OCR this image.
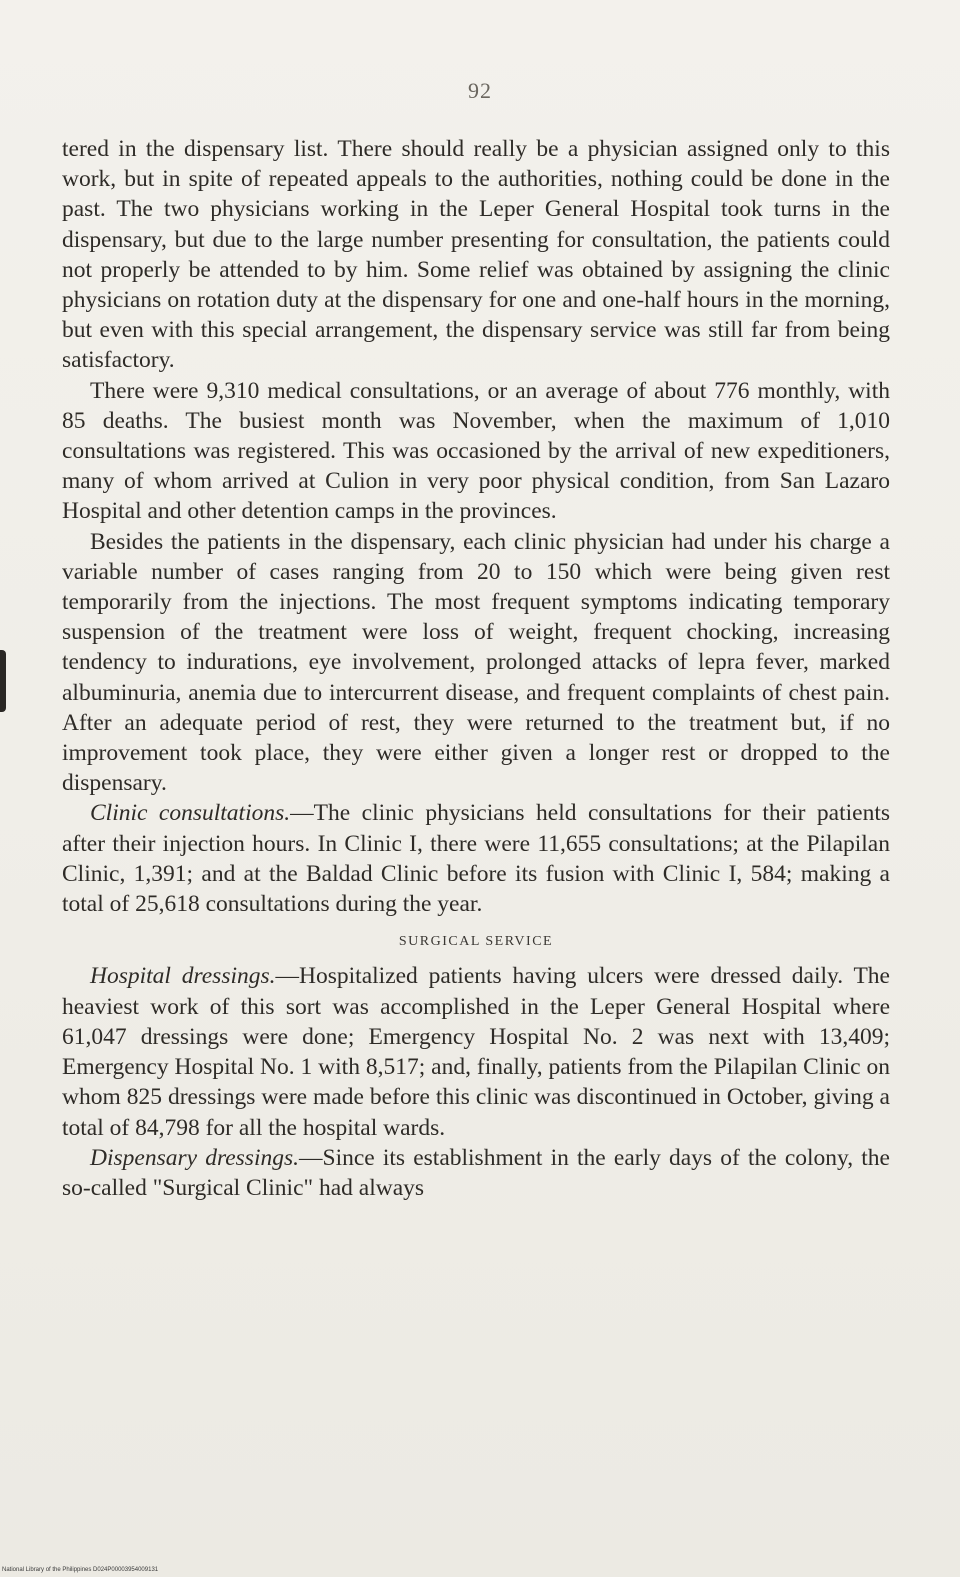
92

tered in the dispensary list. There should really be a physician assigned only to this work, but in spite of repeated appeals to the authorities, nothing could be done in the past. The two physicians working in the Leper General Hospital took turns in the dispensary, but due to the large number presenting for consultation, the patients could not properly be attended to by him. Some relief was obtained by assigning the clinic physicians on rotation duty at the dispensary for one and one-half hours in the morning, but even with this special arrangement, the dispensary service was still far from being satisfactory.

There were 9,310 medical consultations, or an average of about 776 monthly, with 85 deaths. The busiest month was November, when the maximum of 1,010 consultations was registered. This was occasioned by the arrival of new expeditioners, many of whom arrived at Culion in very poor physical condition, from San Lazaro Hospital and other detention camps in the provinces.

Besides the patients in the dispensary, each clinic physician had under his charge a variable number of cases ranging from 20 to 150 which were being given rest temporarily from the injections. The most frequent symptoms indicating temporary suspension of the treatment were loss of weight, frequent chocking, increasing tendency to indurations, eye involvement, prolonged attacks of lepra fever, marked albuminuria, anemia due to intercurrent disease, and frequent complaints of chest pain. After an adequate period of rest, they were returned to the treatment but, if no improvement took place, they were either given a longer rest or dropped to the dispensary.

Clinic consultations.—The clinic physicians held consultations for their patients after their injection hours. In Clinic I, there were 11,655 consultations; at the Pilapilan Clinic, 1,391; and at the Baldad Clinic before its fusion with Clinic I, 584; making a total of 25,618 consultations during the year.

SURGICAL SERVICE

Hospital dressings.—Hospitalized patients having ulcers were dressed daily. The heaviest work of this sort was accomplished in the Leper General Hospital where 61,047 dressings were done; Emergency Hospital No. 2 was next with 13,409; Emergency Hospital No. 1 with 8,517; and, finally, patients from the Pilapilan Clinic on whom 825 dressings were made before this clinic was discontinued in October, giving a total of 84,798 for all the hospital wards.

Dispensary dressings.—Since its establishment in the early days of the colony, the so-called "Surgical Clinic" had always

National Library of the Philippines D024P00003954009131
